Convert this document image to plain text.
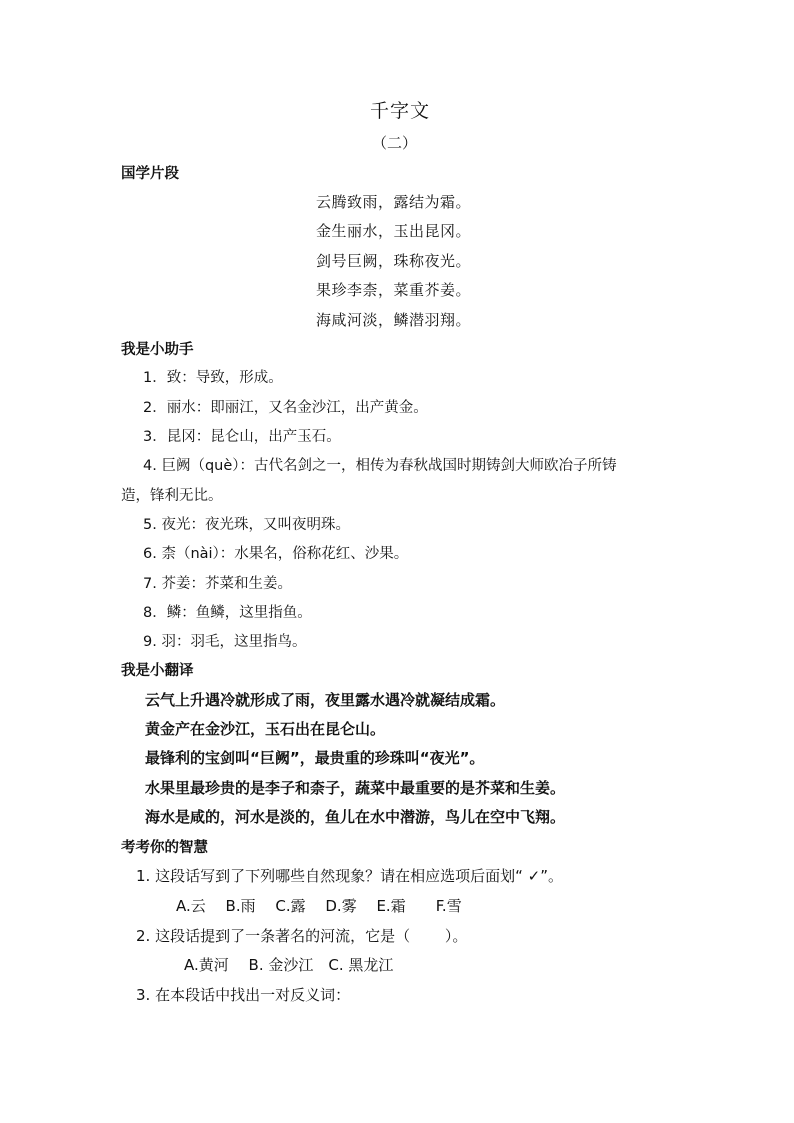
千字文
（二）
国学片段
云腾致雨，露结为霜。
金生丽水，玉出昆冈。
剑号巨阙，珠称夜光。
果珍李柰，菜重芥姜。
海咸河淡，鳞潜羽翔。
我是小助手
1．致：导致，形成。
2．丽水：即丽江，又名金沙江，出产黄金。
3．昆冈：昆仑山，出产玉石。
4. 巨阙（què）：古代名剑之一，相传为春秋战国时期铸剑大师欧冶子所铸
造，锋利无比。
5. 夜光：夜光珠，又叫夜明珠。
6. 柰（nài）：水果名，俗称花红、沙果。
7. 芥姜：芥菜和生姜。
8．鳞：鱼鳞，这里指鱼。
9. 羽：羽毛，这里指鸟。
我是小翻译
云气上升遇冷就形成了雨，夜里露水遇冷就凝结成霜。
黄金产在金沙江，玉石出在昆仑山。
最锋利的宝剑叫“巨阙”，最贵重的珍珠叫“夜光”。
水果里最珍贵的是李子和柰子，蔬菜中最重要的是芥菜和生姜。
海水是咸的，河水是淡的，鱼儿在水中潜游，鸟儿在空中飞翔。
考考你的智慧
1. 这段话写到了下列哪些自然现象？请在相应选项后面划“ ✓”。
A.云　 B.雨　 C.露　 D.雾　 E.霜　　F.雪
2. 这段话提到了一条著名的河流，它是（　　 ）。
A.黄河　 B. 金沙江　C. 黑龙江
3. 在本段话中找出一对反义词：
